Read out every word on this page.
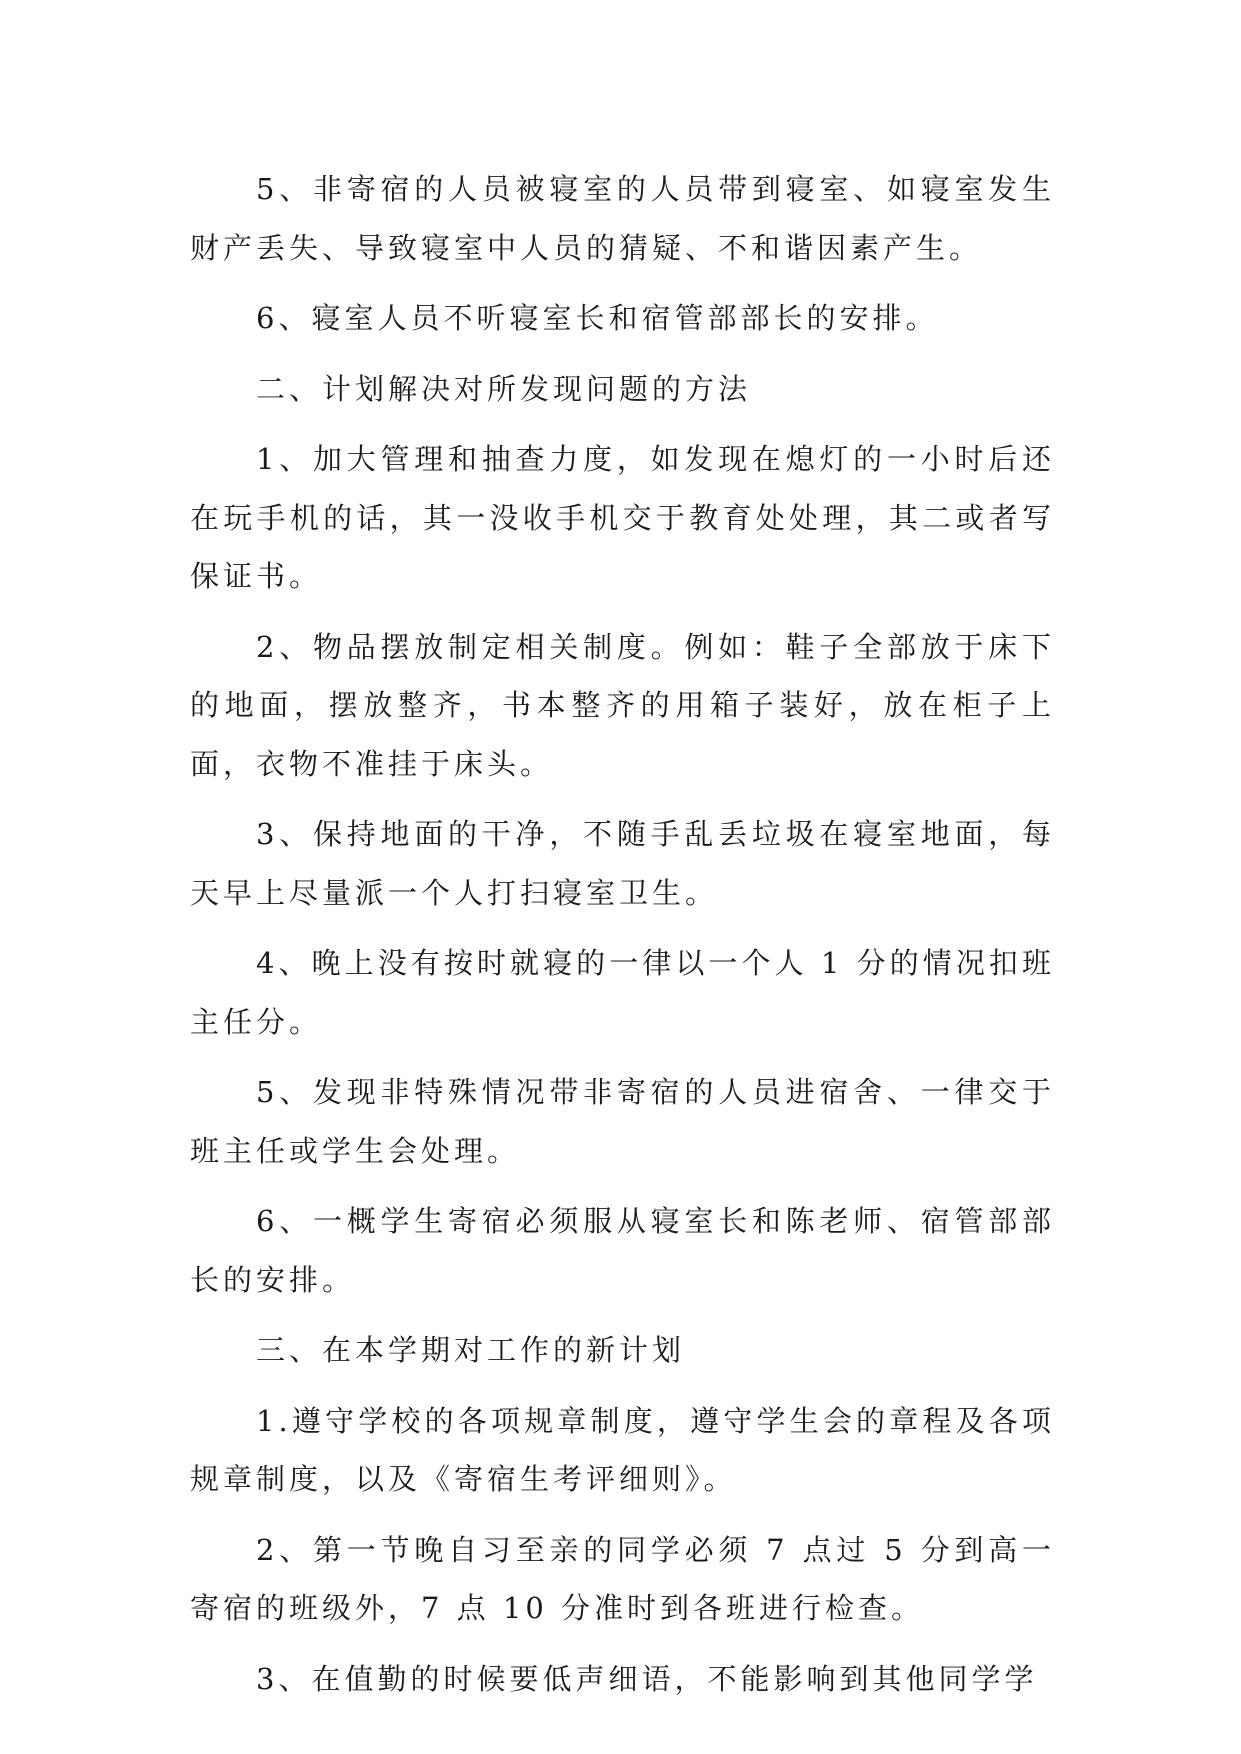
5、非寄宿的人员被寝室的人员带到寝室、如寝室发生财产丢失、导致寝室中人员的猜疑、不和谐因素产生。

6、寝室人员不听寝室长和宿管部部长的安排。

二、计划解决对所发现问题的方法

1、加大管理和抽查力度，如发现在熄灯的一小时后还在玩手机的话，其一没收手机交于教育处处理，其二或者写保证书。

2、物品摆放制定相关制度。例如：鞋子全部放于床下的地面，摆放整齐，书本整齐的用箱子装好，放在柜子上面，衣物不准挂于床头。

3、保持地面的干净，不随手乱丢垃圾在寝室地面，每天早上尽量派一个人打扫寝室卫生。

4、晚上没有按时就寝的一律以一个人 1 分的情况扣班主任分。

5、发现非特殊情况带非寄宿的人员进宿舍、一律交于班主任或学生会处理。

6、一概学生寄宿必须服从寝室长和陈老师、宿管部部长的安排。

三、在本学期对工作的新计划

1.遵守学校的各项规章制度，遵守学生会的章程及各项规章制度，以及《寄宿生考评细则》。

2、第一节晚自习至亲的同学必须 7 点过 5 分到高一寄宿的班级外，7 点 10 分准时到各班进行检查。

3、在值勤的时候要低声细语，不能影响到其他同学学
